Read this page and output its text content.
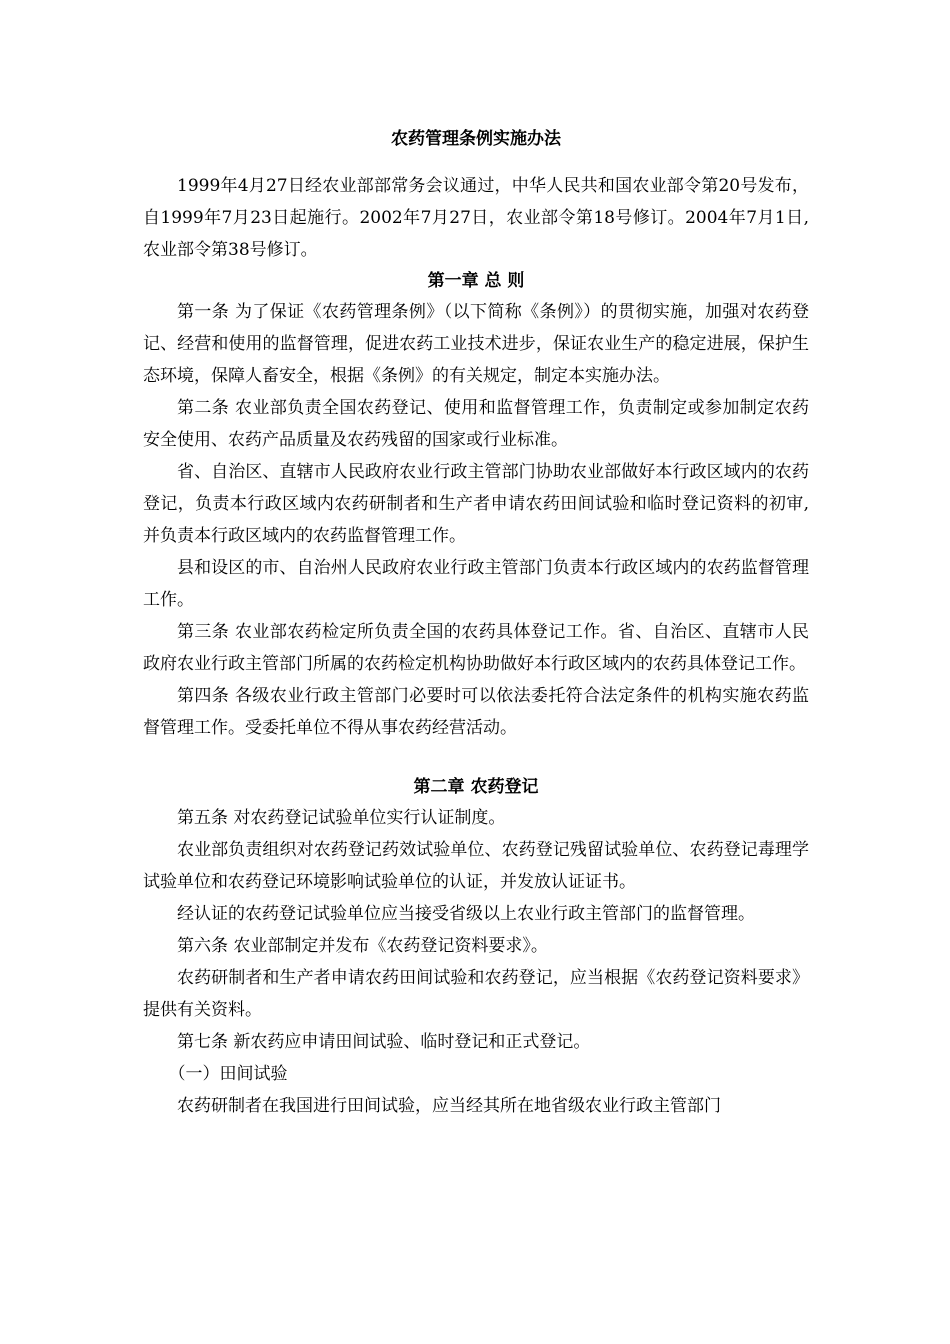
农药管理条例实施办法

1999年4月27日经农业部部常务会议通过，中华人民共和国农业部令第20号发布，自1999年7月23日起施行。2002年7月27日，农业部令第18号修订。2004年7月1日, 农业部令第38号修订。

第一章 总 则

第一条 为了保证《农药管理条例》（以下简称《条例》）的贯彻实施，加强对农药登记、经营和使用的监督管理，促进农药工业技术进步，保证农业生产的稳定进展，保护生态环境，保障人畜安全，根据《条例》的有关规定，制定本实施办法。

第二条 农业部负责全国农药登记、使用和监督管理工作，负责制定或参加制定农药安全使用、农药产品质量及农药残留的国家或行业标准。

省、自治区、直辖市人民政府农业行政主管部门协助农业部做好本行政区域内的农药登记，负责本行政区域内农药研制者和生产者申请农药田间试验和临时登记资料的初审,并负责本行政区域内的农药监督管理工作。

县和设区的市、自治州人民政府农业行政主管部门负责本行政区域内的农药监督管理工作。

第三条 农业部农药检定所负责全国的农药具体登记工作。省、自治区、直辖市人民政府农业行政主管部门所属的农药检定机构协助做好本行政区域内的农药具体登记工作。

第四条 各级农业行政主管部门必要时可以依法委托符合法定条件的机构实施农药监督管理工作。受委托单位不得从事农药经营活动。

第二章 农药登记

第五条 对农药登记试验单位实行认证制度。

农业部负责组织对农药登记药效试验单位、农药登记残留试验单位、农药登记毒理学试验单位和农药登记环境影响试验单位的认证，并发放认证证书。

经认证的农药登记试验单位应当接受省级以上农业行政主管部门的监督管理。

第六条 农业部制定并发布《农药登记资料要求》。

农药研制者和生产者申请农药田间试验和农药登记，应当根据《农药登记资料要求》提供有关资料。

第七条 新农药应申请田间试验、临时登记和正式登记。

（一）田间试验

农药研制者在我国进行田间试验，应当经其所在地省级农业行政主管部门
